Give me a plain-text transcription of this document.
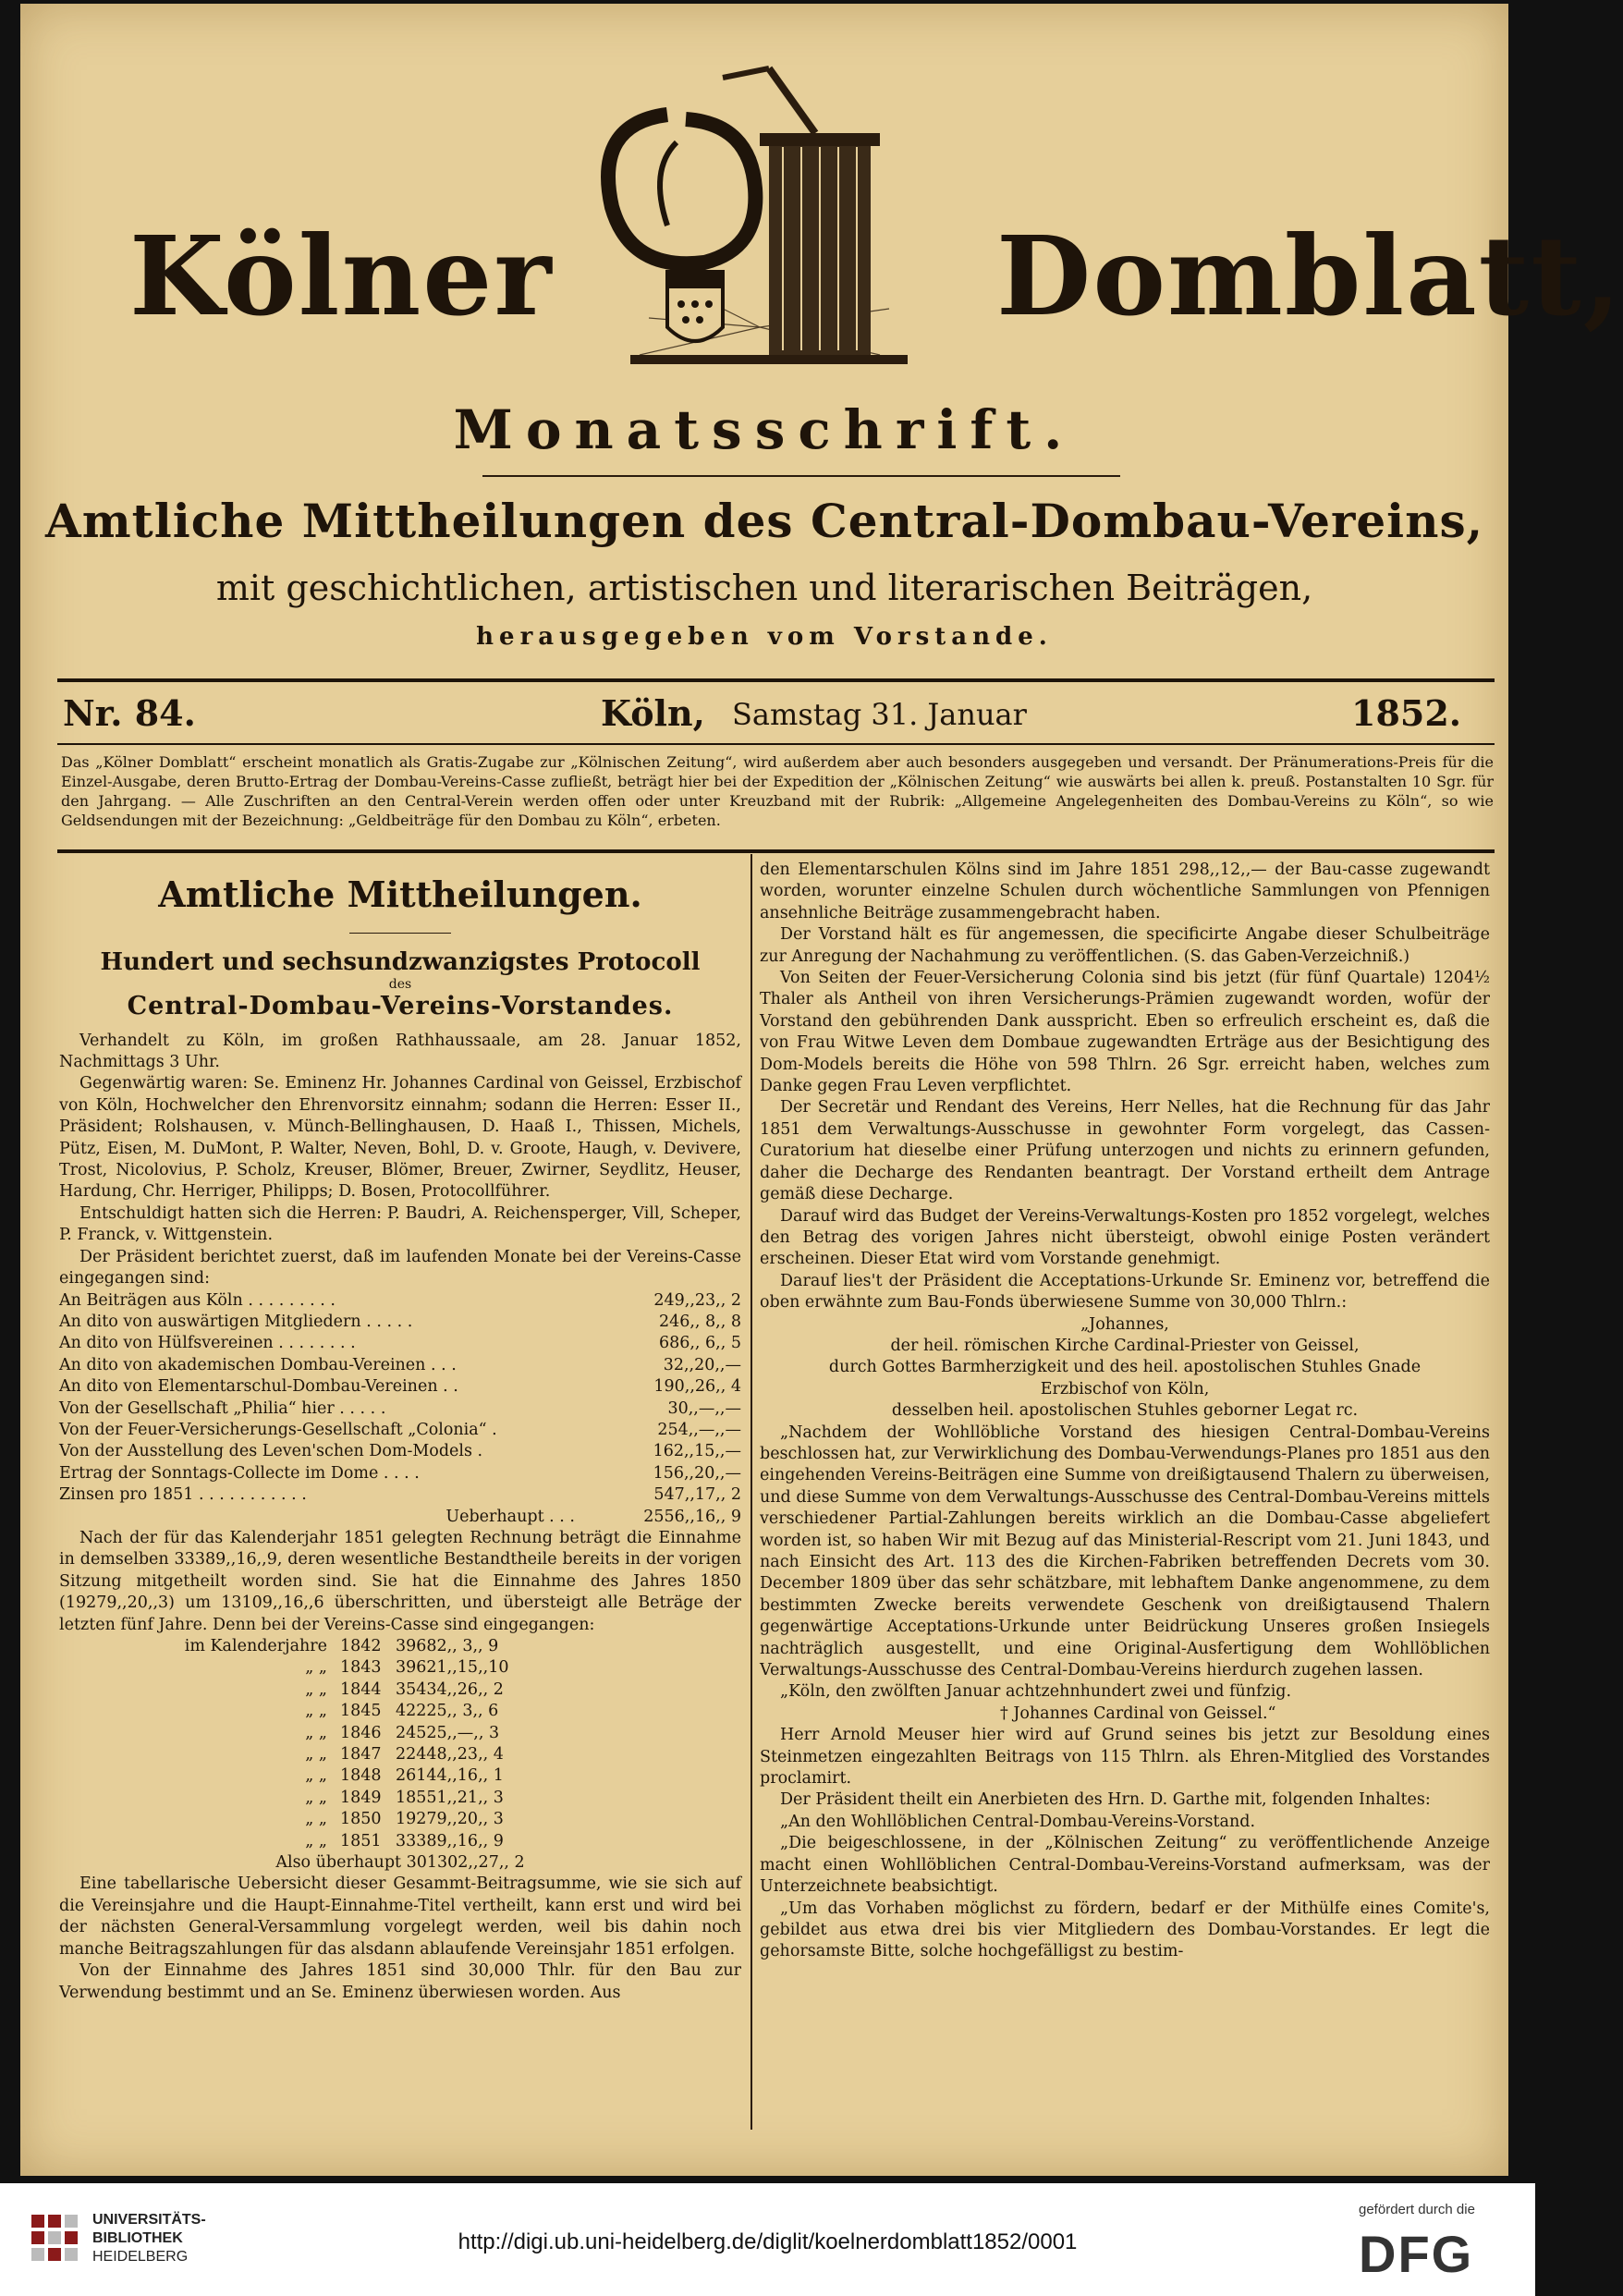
Kölner	Domblatt,
Monatsschrift.
Amtliche Mittheilungen des Central-Dombau-Vereins,
mit geschichtlichen, artistischen und literarischen Beiträgen,
herausgegeben vom Vorstande.
Nr. 84.	Köln, Samstag 31. Januar	1852.

Das „Kölner Domblatt“ erscheint monatlich als Gratis-Zugabe zur „Kölnischen Zeitung“, wird außerdem aber auch besonders ausgegeben und versandt. Der Pränumerations-Preis für die Einzel-Ausgabe, deren Brutto-Ertrag der Dombau-Vereins-Casse zufließt, beträgt hier bei der Expedition der „Kölnischen Zeitung“ wie auswärts bei allen k. preuß. Postanstalten 10 Sgr. für den Jahrgang. — Alle Zuschriften an den Central-Verein werden offen oder unter Kreuzband mit der Rubrik: „Allgemeine Angelegenheiten des Dombau-Vereins zu Köln“, so wie Geldsendungen mit der Bezeichnung: „Geldbeiträge für den Dombau zu Köln“, erbeten.

Amtliche Mittheilungen.
Hundert und sechsundzwanzigstes Protocoll
des
Central-Dombau-Vereins-Vorstandes.

Verhandelt zu Köln, im großen Rathhaussaale, am 28. Januar 1852, Nachmittags 3 Uhr.

Gegenwärtig waren: Se. Eminenz Hr. Johannes Cardinal von Geissel, Erzbischof von Köln, Hochwelcher den Ehrenvorsitz einnahm; sodann die Herren: Esser II., Präsident; Rolshausen, v. Münch-Bellinghausen, D. Haaß I., Thissen, Michels, Pütz, Eisen, M. DuMont, P. Walter, Neven, Bohl, D. v. Groote, Haugh, v. Devivere, Trost, Nicolovius, P. Scholz, Kreuser, Blömer, Breuer, Zwirner, Seydlitz, Heuser, Hardung, Chr. Herriger, Philipps; D. Bosen, Protocollführer.

Entschuldigt hatten sich die Herren: P. Baudri, A. Reichensperger, Vill, Scheper, P. Franck, v. Wittgenstein.

Der Präsident berichtet zuerst, daß im laufenden Monate bei der Vereins-Casse eingegangen sind:

An Beiträgen aus Köln . . . . . . . . .	249,,23,, 2
An dito von auswärtigen Mitgliedern . . . . .	246,, 8,, 8
An dito von Hülfsvereinen . . . . . . . .	686,, 6,, 5
An dito von akademischen Dombau-Vereinen . . .	32,,20,,—
An dito von Elementarschul-Dombau-Vereinen . .	190,,26,, 4
Von der Gesellschaft „Philia“ hier . . . . .	30,,—,,—
Von der Feuer-Versicherungs-Gesellschaft „Colonia“ .	254,,—,,—
Von der Ausstellung des Leven'schen Dom-Models .	162,,15,,—
Ertrag der Sonntags-Collecte im Dome . . . .	156,,20,,—
Zinsen pro 1851 . . . . . . . . . . .	547,,17,, 2
Ueberhaupt . . .	2556,,16,, 9

Nach der für das Kalenderjahr 1851 gelegten Rechnung beträgt die Einnahme in demselben 33389,,16,,9, deren wesentliche Bestandtheile bereits in der vorigen Sitzung mitgetheilt worden sind. Sie hat die Einnahme des Jahres 1850 (19279,,20,,3) um 13109,,16,,6 überschritten, und übersteigt alle Beträge der letzten fünf Jahre. Denn bei der Vereins-Casse sind eingegangen:

im Kalenderjahre 1842 39682,, 3,, 9
„ „ 1843 39621,,15,,10
„ „ 1844 35434,,26,, 2
„ „ 1845 42225,, 3,, 6
„ „ 1846 24525,,—,, 3
„ „ 1847 22448,,23,, 4
„ „ 1848 26144,,16,, 1
„ „ 1849 18551,,21,, 3
„ „ 1850 19279,,20,, 3
„ „ 1851 33389,,16,, 9
Also überhaupt 301302,,27,, 2

Eine tabellarische Uebersicht dieser Gesammt-Beitragsumme, wie sie sich auf die Vereinsjahre und die Haupt-Einnahme-Titel vertheilt, kann erst und wird bei der nächsten General-Versammlung vorgelegt werden, weil bis dahin noch manche Beitragszahlungen für das alsdann ablaufende Vereinsjahr 1851 erfolgen.

Von der Einnahme des Jahres 1851 sind 30,000 Thlr. für den Bau zur Verwendung bestimmt und an Se. Eminenz überwiesen worden. Aus

den Elementarschulen Kölns sind im Jahre 1851 298,,12,,— der Bau-casse zugewandt worden, worunter einzelne Schulen durch wöchentliche Sammlungen von Pfennigen ansehnliche Beiträge zusammengebracht haben.

Der Vorstand hält es für angemessen, die specificirte Angabe dieser Schulbeiträge zur Anregung der Nachahmung zu veröffentlichen. (S. das Gaben-Verzeichniß.)

Von Seiten der Feuer-Versicherung Colonia sind bis jetzt (für fünf Quartale) 1204½ Thaler als Antheil von ihren Versicherungs-Prämien zugewandt worden, wofür der Vorstand den gebührenden Dank ausspricht. Eben so erfreulich erscheint es, daß die von Frau Witwe Leven dem Dombaue zugewandten Erträge aus der Besichtigung des Dom-Models bereits die Höhe von 598 Thlrn. 26 Sgr. erreicht haben, welches zum Danke gegen Frau Leven verpflichtet.

Der Secretär und Rendant des Vereins, Herr Nelles, hat die Rechnung für das Jahr 1851 dem Verwaltungs-Ausschusse in gewohnter Form vorgelegt, das Cassen-Curatorium hat dieselbe einer Prüfung unterzogen und nichts zu erinnern gefunden, daher die Decharge des Rendanten beantragt. Der Vorstand ertheilt dem Antrage gemäß diese Decharge.

Darauf wird das Budget der Vereins-Verwaltungs-Kosten pro 1852 vorgelegt, welches den Betrag des vorigen Jahres nicht übersteigt, obwohl einige Posten verändert erscheinen. Dieser Etat wird vom Vorstande genehmigt.

Darauf lies't der Präsident die Acceptations-Urkunde Sr. Eminenz vor, betreffend die oben erwähnte zum Bau-Fonds überwiesene Summe von 30,000 Thlrn.:

„Johannes,
der heil. römischen Kirche Cardinal-Priester von Geissel,
durch Gottes Barmherzigkeit und des heil. apostolischen Stuhles Gnade
Erzbischof von Köln,
desselben heil. apostolischen Stuhles geborner Legat rc.

„Nachdem der Wohllöbliche Vorstand des hiesigen Central-Dombau-Vereins beschlossen hat, zur Verwirklichung des Dombau-Verwendungs-Planes pro 1851 aus den eingehenden Vereins-Beiträgen eine Summe von dreißigtausend Thalern zu überweisen, und diese Summe von dem Verwaltungs-Ausschusse des Central-Dombau-Vereins mittels verschiedener Partial-Zahlungen bereits wirklich an die Dombau-Casse abgeliefert worden ist, so haben Wir mit Bezug auf das Ministerial-Rescript vom 21. Juni 1843, und nach Einsicht des Art. 113 des die Kirchen-Fabriken betreffenden Decrets vom 30. December 1809 über das sehr schätzbare, mit lebhaftem Danke angenommene, zu dem bestimmten Zwecke bereits verwendete Geschenk von dreißigtausend Thalern gegenwärtige Acceptations-Urkunde unter Beidrückung Unseres großen Insiegels nachträglich ausgestellt, und eine Original-Ausfertigung dem Wohllöblichen Verwaltungs-Ausschusse des Central-Dombau-Vereins hierdurch zugehen lassen.

„Köln, den zwölften Januar achtzehnhundert zwei und fünfzig.

† Johannes Cardinal von Geissel.“

Herr Arnold Meuser hier wird auf Grund seines bis jetzt zur Besoldung eines Steinmetzen eingezahlten Beitrags von 115 Thlrn. als Ehren-Mitglied des Vorstandes proclamirt.

Der Präsident theilt ein Anerbieten des Hrn. D. Garthe mit, folgenden Inhaltes:

„An den Wohllöblichen Central-Dombau-Vereins-Vorstand.

„Die beigeschlossene, in der „Kölnischen Zeitung“ zu veröffentlichende Anzeige macht einen Wohllöblichen Central-Dombau-Vereins-Vorstand aufmerksam, was der Unterzeichnete beabsichtigt.

„Um das Vorhaben möglichst zu fördern, bedarf er der Mithülfe eines Comite's, gebildet aus etwa drei bis vier Mitgliedern des Dombau-Vorstandes. Er legt die gehorsamste Bitte, solche hochgefälligst zu bestim-

UNIVERSITÄTS-
BIBLIOTHEK
HEIDELBERG
http://digi.ub.uni-heidelberg.de/diglit/koelnerdomblatt1852/0001
gefördert durch die
DFG
